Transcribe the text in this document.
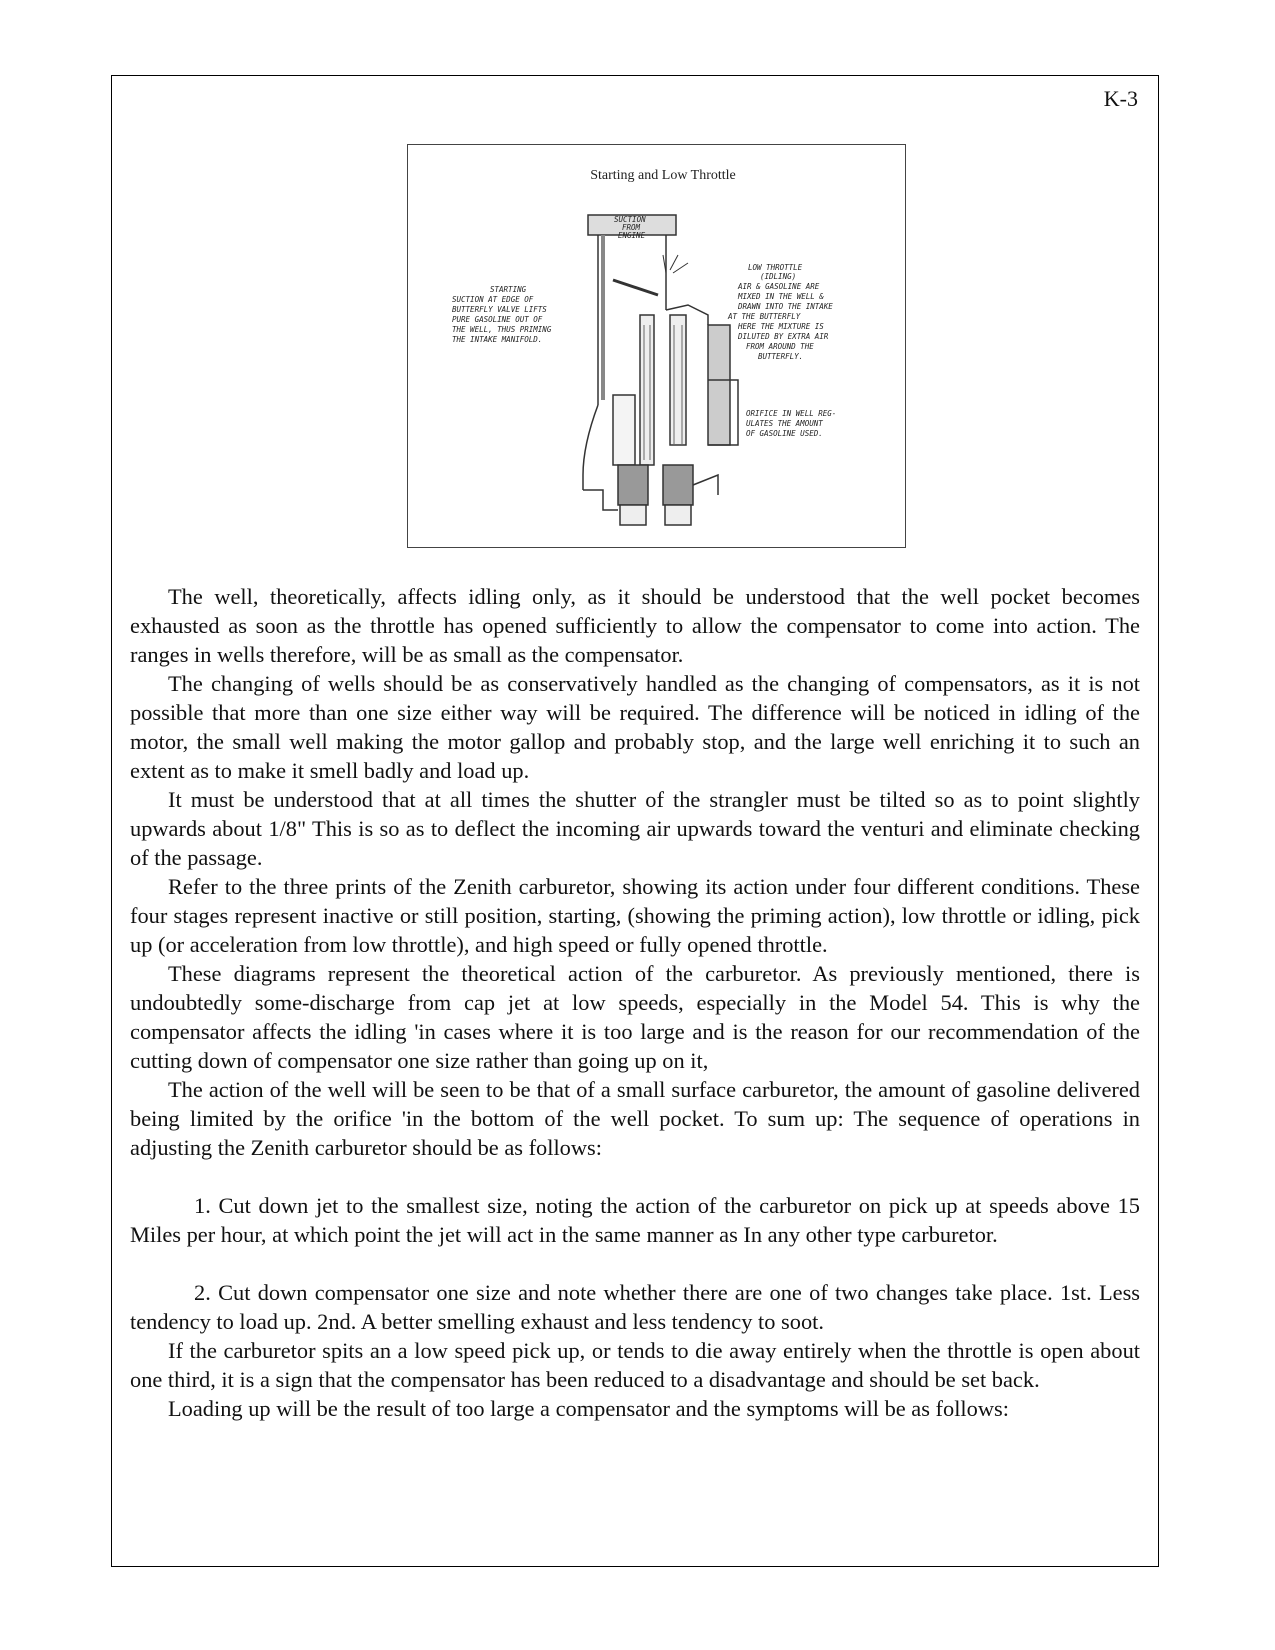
K-3
Starting and Low Throttle
SUCTION FROM ENGINE
STARTING SUCTION AT EDGE OF BUTTERFLY VALVE LIFTS PURE GASOLINE OUT OF THE WELL, THUS PRIMING THE INTAKE MANIFOLD.
LOW THROTTLE (IDLING) AIR & GASOLINE ARE MIXED IN THE WELL & DRAWN INTO THE INTAKE AT THE BUTTERFLY HERE THE MIXTURE IS DILUTED BY EXTRA AIR FROM AROUND THE BUTTERFLY.
ORIFICE IN WELL REG- ULATES THE AMOUNT OF GASOLINE USED.

The well, theoretically, affects idling only, as it should be understood that the well pocket becomes exhausted as soon as the throttle has opened sufficiently to allow the compensator to come into action. The ranges in wells therefore, will be as small as the compensator.

The changing of wells should be as conservatively handled as the changing of compensators, as it is not possible that more than one size either way will be required. The difference will be noticed in idling of the motor, the small well making the motor gallop and probably stop, and the large well enriching it to such an extent as to make it smell badly and load up.

It must be understood that at all times the shutter of the strangler must be tilted so as to point slightly upwards about 1/8" This is so as to deflect the incoming air upwards toward the venturi and eliminate checking of the passage.

Refer to the three prints of the Zenith carburetor, showing its action under four different conditions. These four stages represent inactive or still position, starting, (showing the priming action), low throttle or idling, pick up (or acceleration from low throttle), and high speed or fully opened throttle.

These diagrams represent the theoretical action of the carburetor. As previously mentioned, there is undoubtedly some-discharge from cap jet at low speeds, especially in the Model 54. This is why the compensator affects the idling 'in cases where it is too large and is the reason for our recommendation of the cutting down of compensator one size rather than going up on it,

The action of the well will be seen to be that of a small surface carburetor, the amount of gasoline delivered being limited by the orifice 'in the bottom of the well pocket. To sum up: The sequence of operations in adjusting the Zenith carburetor should be as follows:

1. Cut down jet to the smallest size, noting the action of the carburetor on pick up at speeds above 15 Miles per hour, at which point the jet will act in the same manner as In any other type carburetor.

2. Cut down compensator one size and note whether there are one of two changes take place. 1st. Less tendency to load up. 2nd. A better smelling exhaust and less tendency to soot.

If the carburetor spits an a low speed pick up, or tends to die away entirely when the throttle is open about one third, it is a sign that the compensator has been reduced to a disadvantage and should be set back.

Loading up will be the result of too large a compensator and the symptoms will be as follows:
